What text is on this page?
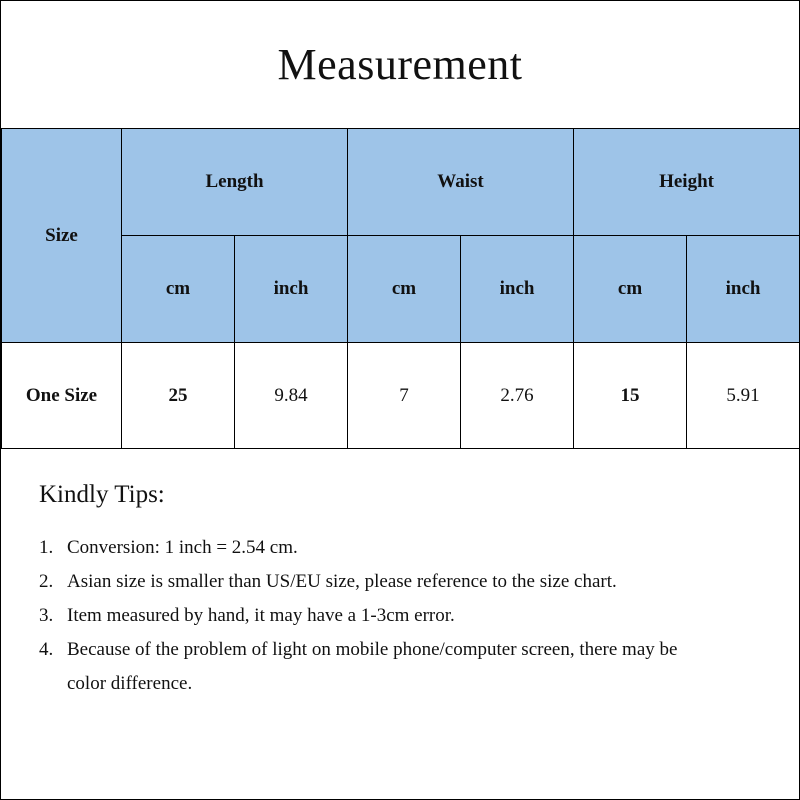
Measurement
Size	Length		Waist		Height	
	cm	inch	cm	inch	cm	inch
One Size	25	9.84	7	2.76	15	5.91
Kindly Tips:
1. Conversion: 1 inch = 2.54 cm.
2. Asian size is smaller than US/EU size, please reference to the size chart.
3. Item measured by hand, it may have a 1-3cm error.
4. Because of the problem of light on mobile phone/computer screen, there may be color difference.
